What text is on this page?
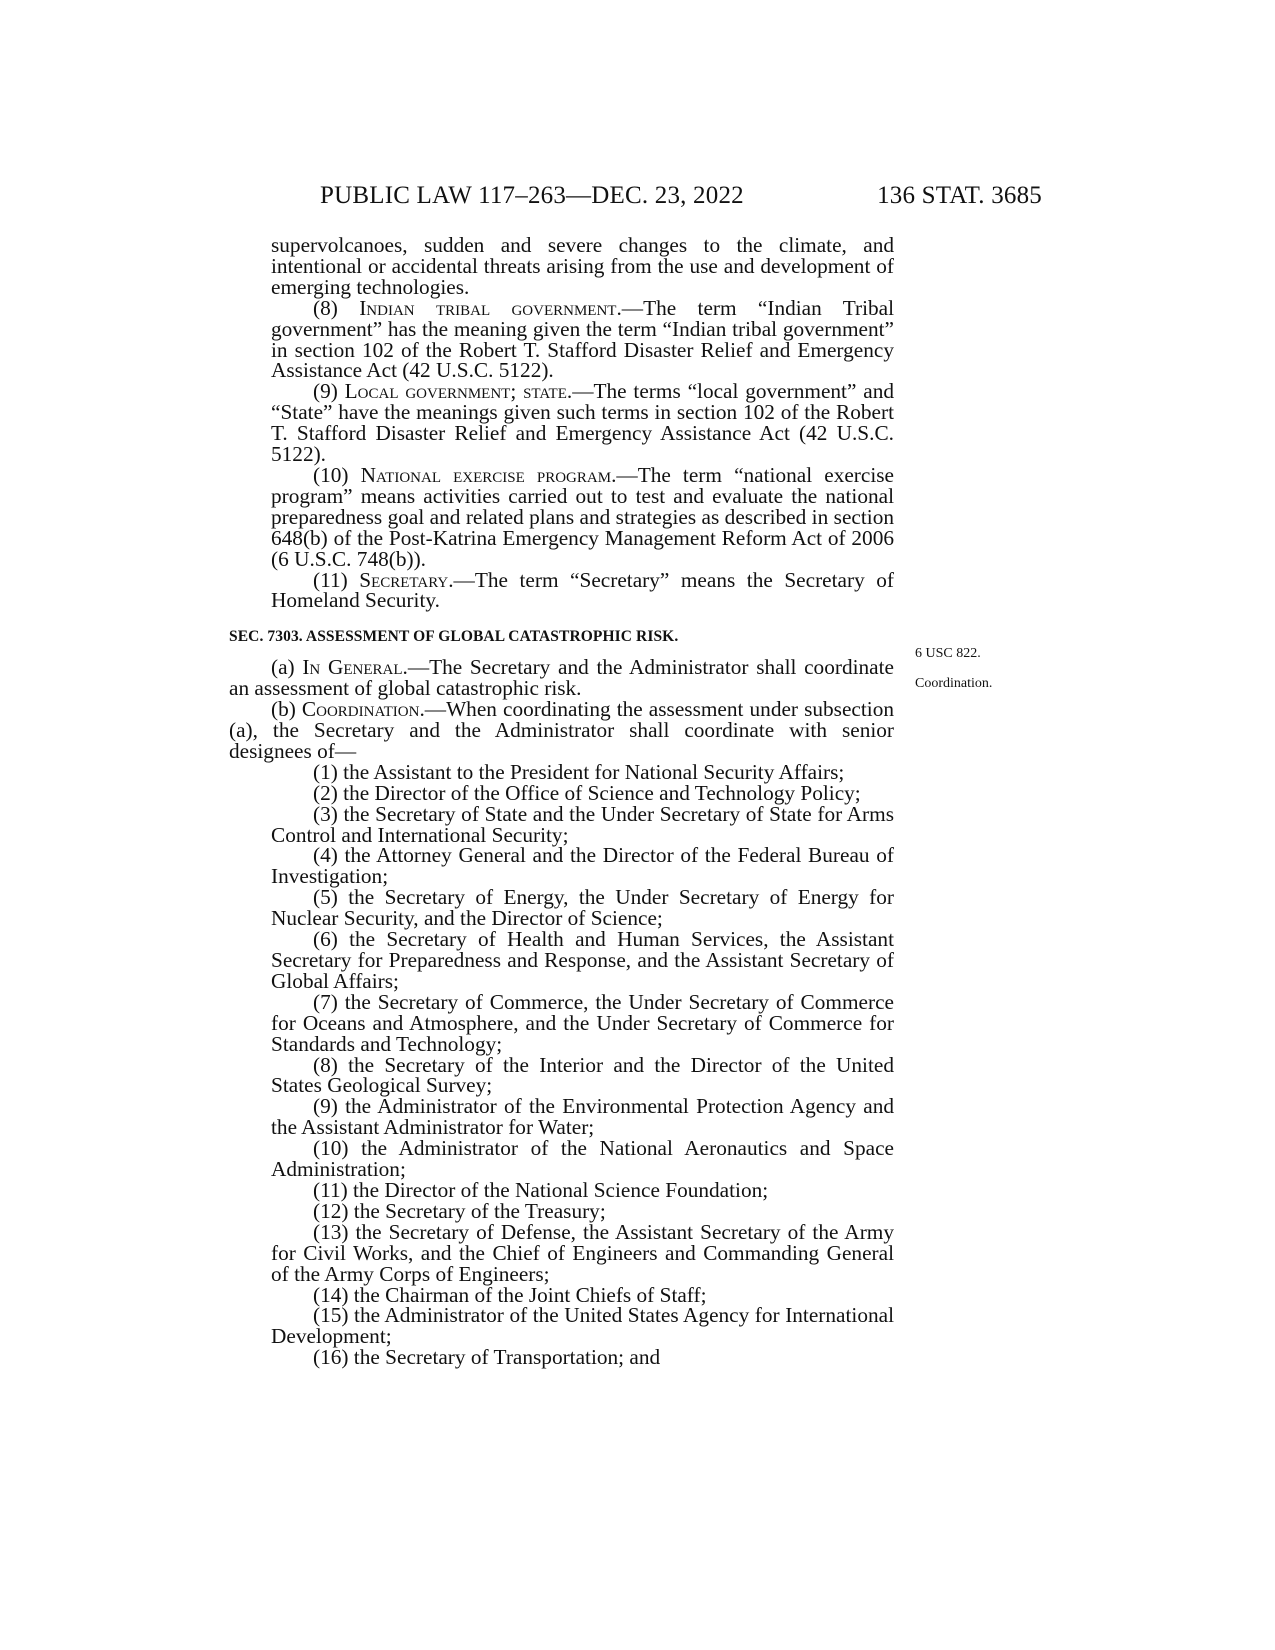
PUBLIC LAW 117–263—DEC. 23, 2022	136 STAT. 3685

supervolcanoes, sudden and severe changes to the climate, and intentional or accidental threats arising from the use and development of emerging technologies.

(8) Indian tribal government.—The term “Indian Tribal government” has the meaning given the term “Indian tribal government” in section 102 of the Robert T. Stafford Disaster Relief and Emergency Assistance Act (42 U.S.C. 5122).

(9) Local government; state.—The terms “local government” and “State” have the meanings given such terms in section 102 of the Robert T. Stafford Disaster Relief and Emergency Assistance Act (42 U.S.C. 5122).

(10) National exercise program.—The term “national exercise program” means activities carried out to test and evaluate the national preparedness goal and related plans and strategies as described in section 648(b) of the Post-Katrina Emergency Management Reform Act of 2006 (6 U.S.C. 748(b)).

(11) Secretary.—The term “Secretary” means the Secretary of Homeland Security.

SEC. 7303. ASSESSMENT OF GLOBAL CATASTROPHIC RISK.

(a) In General.—The Secretary and the Administrator shall coordinate an assessment of global catastrophic risk.

(b) Coordination.—When coordinating the assessment under subsection (a), the Secretary and the Administrator shall coordinate with senior designees of—

(1) the Assistant to the President for National Security Affairs;

(2) the Director of the Office of Science and Technology Policy;

(3) the Secretary of State and the Under Secretary of State for Arms Control and International Security;

(4) the Attorney General and the Director of the Federal Bureau of Investigation;

(5) the Secretary of Energy, the Under Secretary of Energy for Nuclear Security, and the Director of Science;

(6) the Secretary of Health and Human Services, the Assistant Secretary for Preparedness and Response, and the Assistant Secretary of Global Affairs;

(7) the Secretary of Commerce, the Under Secretary of Commerce for Oceans and Atmosphere, and the Under Secretary of Commerce for Standards and Technology;

(8) the Secretary of the Interior and the Director of the United States Geological Survey;

(9) the Administrator of the Environmental Protection Agency and the Assistant Administrator for Water;

(10) the Administrator of the National Aeronautics and Space Administration;

(11) the Director of the National Science Foundation;

(12) the Secretary of the Treasury;

(13) the Secretary of Defense, the Assistant Secretary of the Army for Civil Works, and the Chief of Engineers and Commanding General of the Army Corps of Engineers;

(14) the Chairman of the Joint Chiefs of Staff;

(15) the Administrator of the United States Agency for International Development;

(16) the Secretary of Transportation; and

6 USC 822.
Coordination.
